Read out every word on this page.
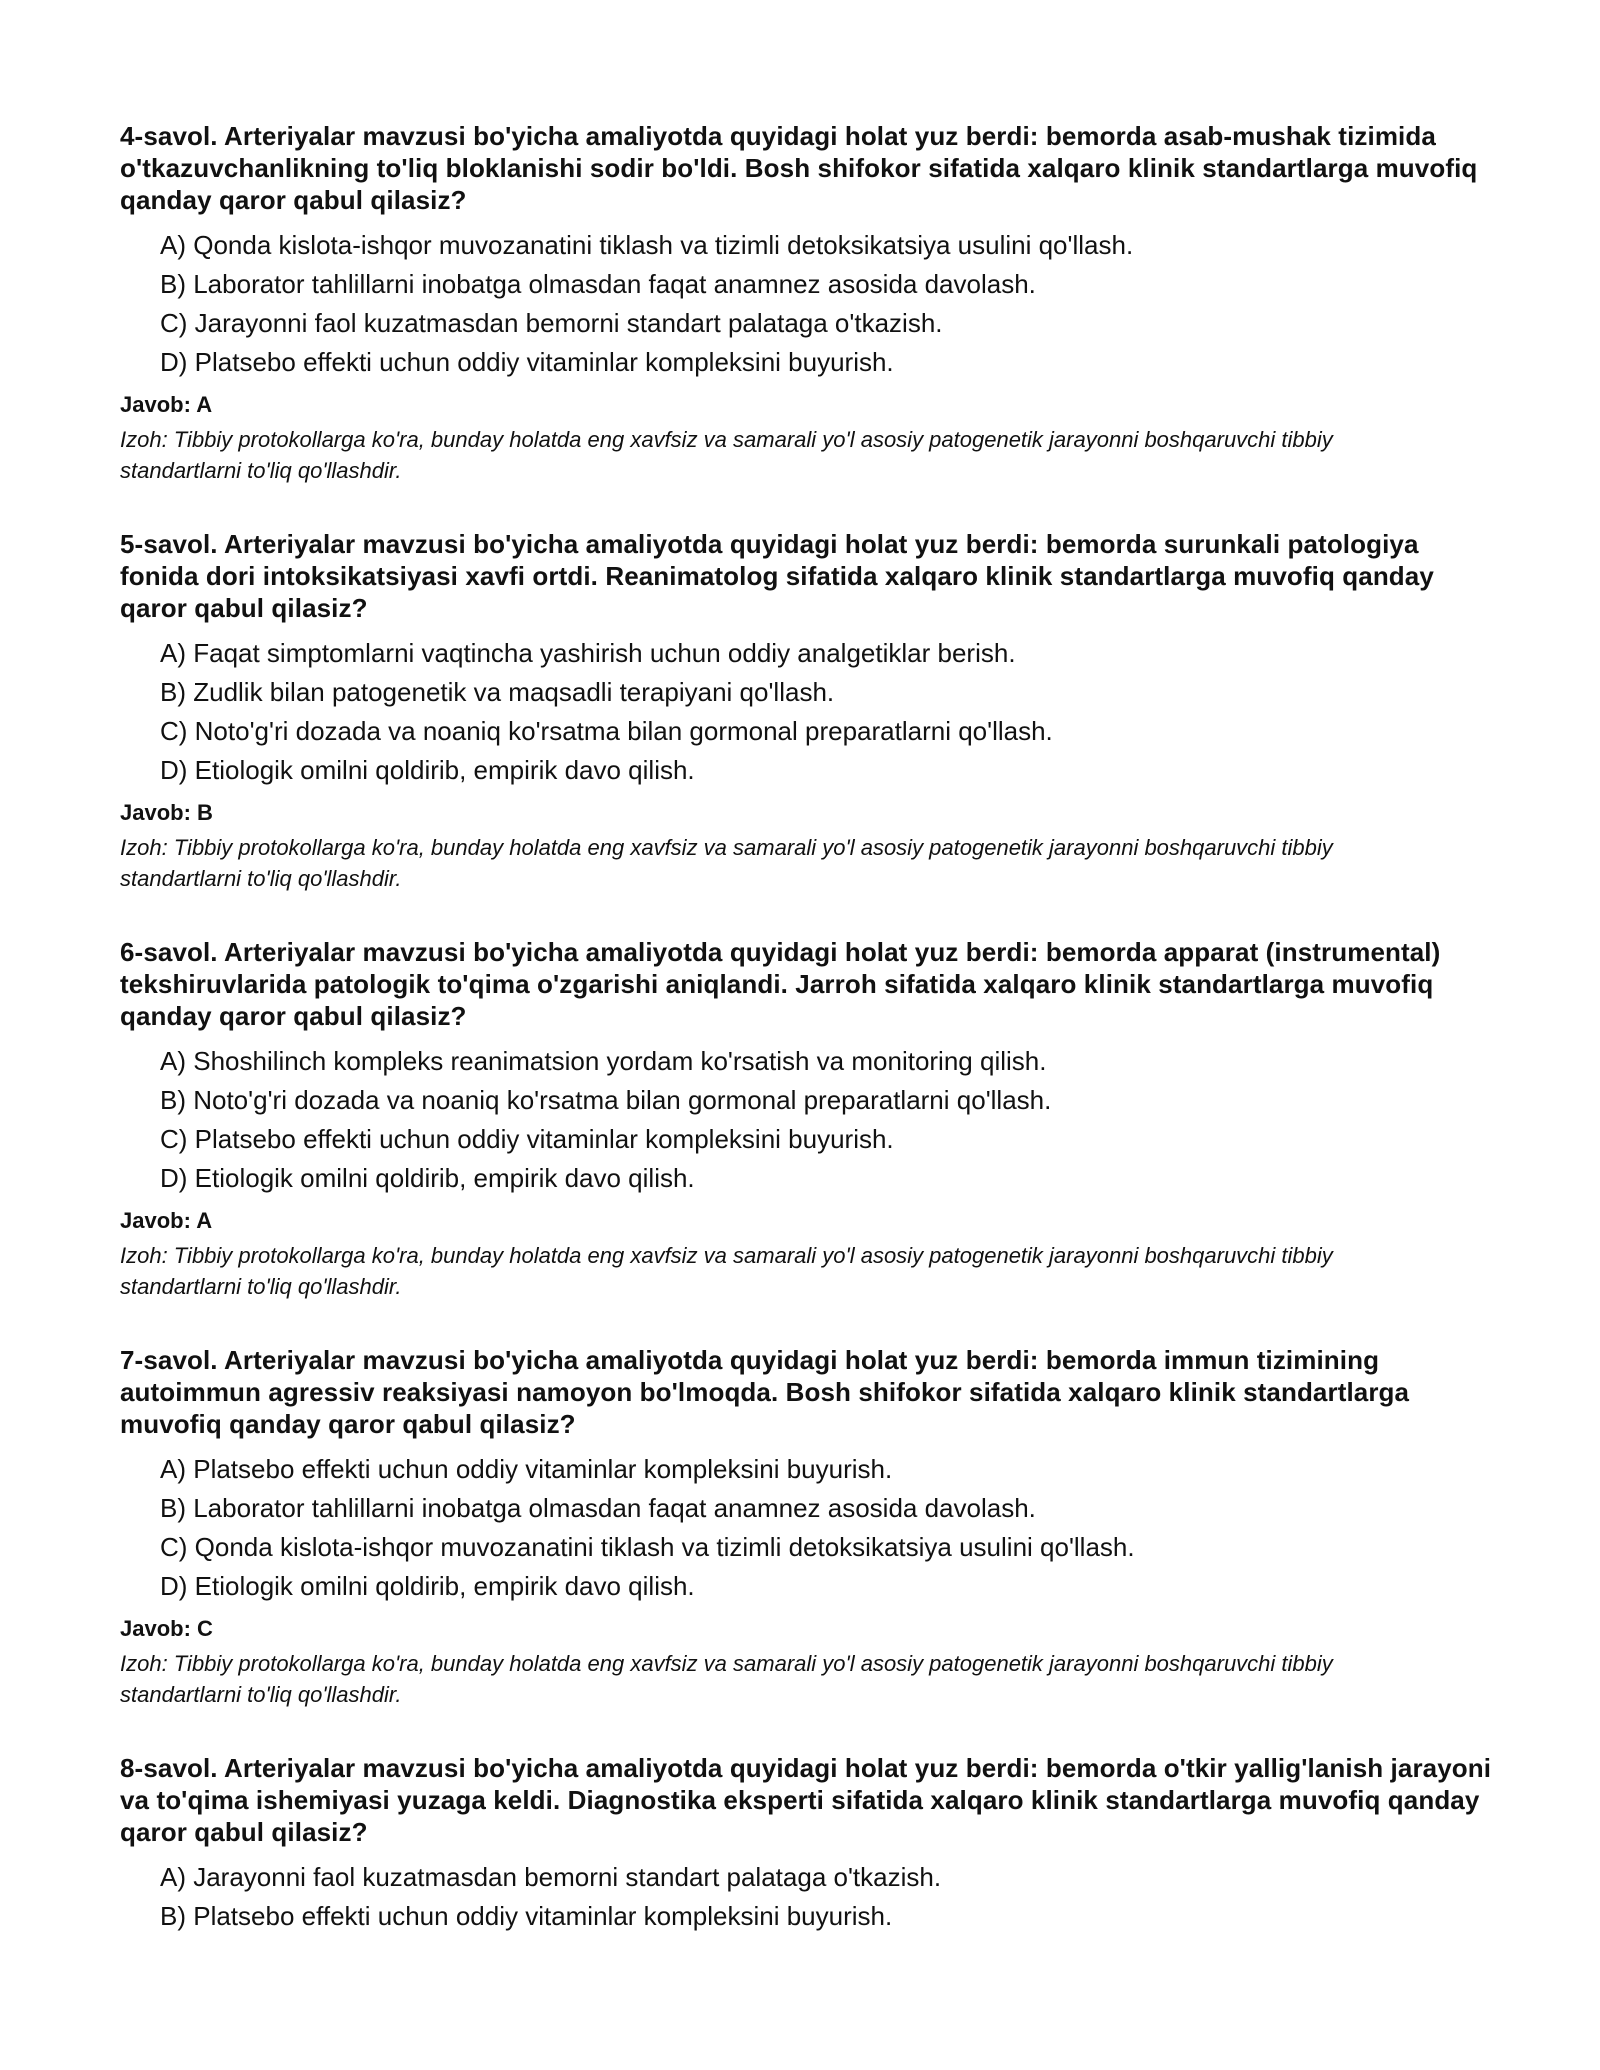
4-savol. Arteriyalar mavzusi bo'yicha amaliyotda quyidagi holat yuz berdi: bemorda asab-mushak tizimida o'tkazuvchanlikning to'liq bloklanishi sodir bo'ldi. Bosh shifokor sifatida xalqaro klinik standartlarga muvofiq qanday qaror qabul qilasiz?

A) Qonda kislota-ishqor muvozanatini tiklash va tizimli detoksikatsiya usulini qo'llash.
B) Laborator tahlillarni inobatga olmasdan faqat anamnez asosida davolash.
C) Jarayonni faol kuzatmasdan bemorni standart palataga o'tkazish.
D) Platsebo effekti uchun oddiy vitaminlar kompleksini buyurish.

Javob: A

Izoh: Tibbiy protokollarga ko'ra, bunday holatda eng xavfsiz va samarali yo'l asosiy patogenetik jarayonni boshqaruvchi tibbiy standartlarni to'liq qo'llashdir.

5-savol. Arteriyalar mavzusi bo'yicha amaliyotda quyidagi holat yuz berdi: bemorda surunkali patologiya fonida dori intoksikatsiyasi xavfi ortdi. Reanimatolog sifatida xalqaro klinik standartlarga muvofiq qanday qaror qabul qilasiz?

A) Faqat simptomlarni vaqtincha yashirish uchun oddiy analgetiklar berish.
B) Zudlik bilan patogenetik va maqsadli terapiyani qo'llash.
C) Noto'g'ri dozada va noaniq ko'rsatma bilan gormonal preparatlarni qo'llash.
D) Etiologik omilni qoldirib, empirik davo qilish.

Javob: B

Izoh: Tibbiy protokollarga ko'ra, bunday holatda eng xavfsiz va samarali yo'l asosiy patogenetik jarayonni boshqaruvchi tibbiy standartlarni to'liq qo'llashdir.

6-savol. Arteriyalar mavzusi bo'yicha amaliyotda quyidagi holat yuz berdi: bemorda apparat (instrumental) tekshiruvlarida patologik to'qima o'zgarishi aniqlandi. Jarroh sifatida xalqaro klinik standartlarga muvofiq qanday qaror qabul qilasiz?

A) Shoshilinch kompleks reanimatsion yordam ko'rsatish va monitoring qilish.
B) Noto'g'ri dozada va noaniq ko'rsatma bilan gormonal preparatlarni qo'llash.
C) Platsebo effekti uchun oddiy vitaminlar kompleksini buyurish.
D) Etiologik omilni qoldirib, empirik davo qilish.

Javob: A

Izoh: Tibbiy protokollarga ko'ra, bunday holatda eng xavfsiz va samarali yo'l asosiy patogenetik jarayonni boshqaruvchi tibbiy standartlarni to'liq qo'llashdir.

7-savol. Arteriyalar mavzusi bo'yicha amaliyotda quyidagi holat yuz berdi: bemorda immun tizimining autoimmun agressiv reaksiyasi namoyon bo'lmoqda. Bosh shifokor sifatida xalqaro klinik standartlarga muvofiq qanday qaror qabul qilasiz?

A) Platsebo effekti uchun oddiy vitaminlar kompleksini buyurish.
B) Laborator tahlillarni inobatga olmasdan faqat anamnez asosida davolash.
C) Qonda kislota-ishqor muvozanatini tiklash va tizimli detoksikatsiya usulini qo'llash.
D) Etiologik omilni qoldirib, empirik davo qilish.

Javob: C

Izoh: Tibbiy protokollarga ko'ra, bunday holatda eng xavfsiz va samarali yo'l asosiy patogenetik jarayonni boshqaruvchi tibbiy standartlarni to'liq qo'llashdir.

8-savol. Arteriyalar mavzusi bo'yicha amaliyotda quyidagi holat yuz berdi: bemorda o'tkir yallig'lanish jarayoni va to'qima ishemiyasi yuzaga keldi. Diagnostika eksperti sifatida xalqaro klinik standartlarga muvofiq qanday qaror qabul qilasiz?

A) Jarayonni faol kuzatmasdan bemorni standart palataga o'tkazish.
B) Platsebo effekti uchun oddiy vitaminlar kompleksini buyurish.
